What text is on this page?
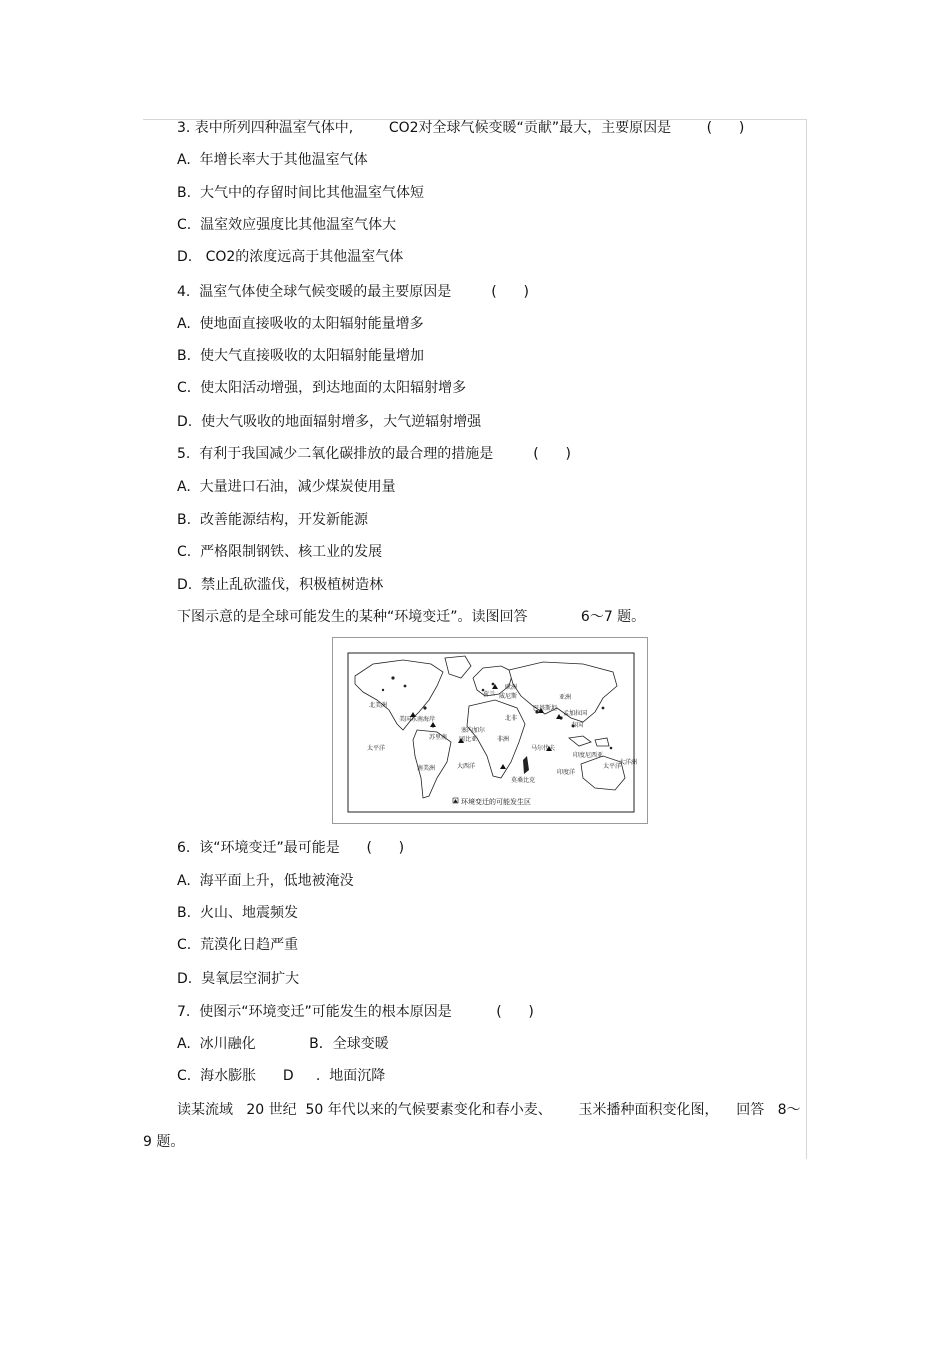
3. 表中所列四种温室气体中,        CO2对全球气候变暖“贡献”最大，主要原因是        (      )
A.  年增长率大于其他温室气体
B.  大气中的存留时间比其他温室气体短
C.  温室效应强度比其他温室气体大
D.   CO2的浓度远高于其他温室气体
4.  温室气体使全球气候变暖的最主要原因是         (      )
A.  使地面直接吸收的太阳辐射能量增多
B.  使大气直接吸收的太阳辐射能量增加
C.  使太阳活动增强，到达地面的太阳辐射增多
D.  使大气吸收的地面辐射增多，大气逆辐射增强
5.  有利于我国减少二氧化碳排放的最合理的措施是         (      )
A.  大量进口石油，减少煤炭使用量
B.  改善能源结构，开发新能源
C.  严格限制钢铁、核工业的发展
D.  禁止乱砍滥伐，积极植树造林
下图示意的是全球可能发生的某种“环境变迁”。读图回答            6～7 题。
北美洲
美国东南海岸
苏里南
太平洋
南美洲	大西洋
欧洲
威尼斯
荷兰
北非
塞内加尔
冈比亚	非洲
亚洲
巴基斯坦
孟加拉国
泰国
马尔代夫
印度尼西亚
印度洋
莫桑比克
太平洋
大洋洲
环境变迁的可能发生区
6.  该“环境变迁”最可能是      (      )
A.  海平面上升，低地被淹没
B.  火山、地震频发
C.  荒漠化日趋严重
D.  臭氧层空洞扩大
7.  使图示“环境变迁”可能发生的根本原因是          (      )
A.  冰川融化            B．全球变暖
C.  海水膨胀      D     .  地面沉降
读某流域   20 世纪  50 年代以来的气候要素变化和春小麦、      玉米播种面积变化图，    回答   8～
9 题。
